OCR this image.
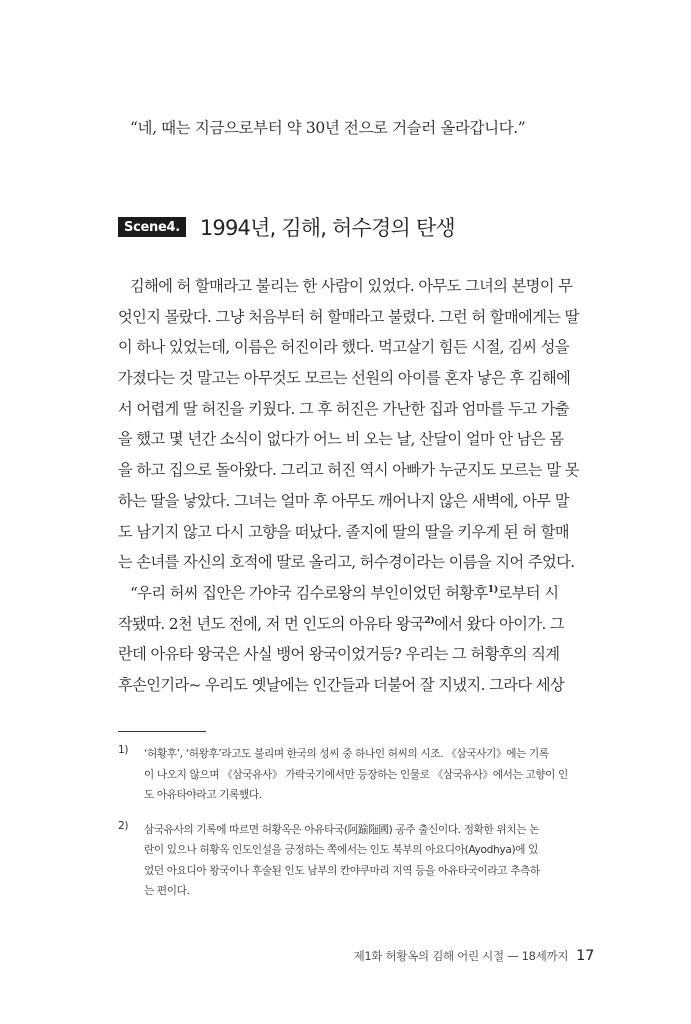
“네, 때는 지금으로부터 약 30년 전으로 거슬러 올라갑니다.”
Scene4. 1994년, 김해, 허수경의 탄생
김해에 허 할매라고 불리는 한 사람이 있었다. 아무도 그녀의 본명이 무
엇인지 몰랐다. 그냥 처음부터 허 할매라고 불렸다. 그런 허 할매에게는 딸
이 하나 있었는데, 이름은 허진이라 했다. 먹고살기 힘든 시절, 김씨 성을
가졌다는 것 말고는 아무것도 모르는 선원의 아이를 혼자 낳은 후 김해에
서 어렵게 딸 허진을 키웠다. 그 후 허진은 가난한 집과 엄마를 두고 가출
을 했고 몇 년간 소식이 없다가 어느 비 오는 날, 산달이 얼마 안 남은 몸
을 하고 집으로 돌아왔다. 그리고 허진 역시 아빠가 누군지도 모르는 말 못
하는 딸을 낳았다. 그녀는 얼마 후 아무도 깨어나지 않은 새벽에, 아무 말
도 남기지 않고 다시 고향을 떠났다. 졸지에 딸의 딸을 키우게 된 허 할매
는 손녀를 자신의 호적에 딸로 올리고, 허수경이라는 이름을 지어 주었다.
“우리 허씨 집안은 가야국 김수로왕의 부인이었던 허황후$^{1)}$로부터 시
작됐따. 2천 년도 전에, 저 먼 인도의 아유타 왕국$^{2)}$에서 왔다 아이가. 그
란데 아유타 왕국은 사실 뱅어 왕국이었거등? 우리는 그 허황후의 직계
후손인기라~ 우리도 옛날에는 인간들과 더불어 잘 지냈지. 그라다 세상
1) ‘허황후’, ‘허왕후’라고도 불리며 한국의 성씨 중 하나인 허씨의 시조. 《삼국사기》에는 기록
이 나오지 않으며 《삼국유사》 가락국기에서만 등장하는 인물로 《삼국유사》에서는 고향이 인
도 아유타야라고 기록했다.
2) 삼국유사의 기록에 따르면 허황옥은 아유타국(阿踰陁國) 공주 출신이다. 정확한 위치는 논
란이 있으나 허황옥 인도인설을 긍정하는 쪽에서는 인도 북부의 아요디아(Ayodhya)에 있
었던 아요디아 왕국이나 후술된 인도 남부의 칸야쿠마리 지역 등을 아유타국이라고 추측하
는 편이다.
제1화 허황옥의 김해 어린 시절 — 18세까지 17
